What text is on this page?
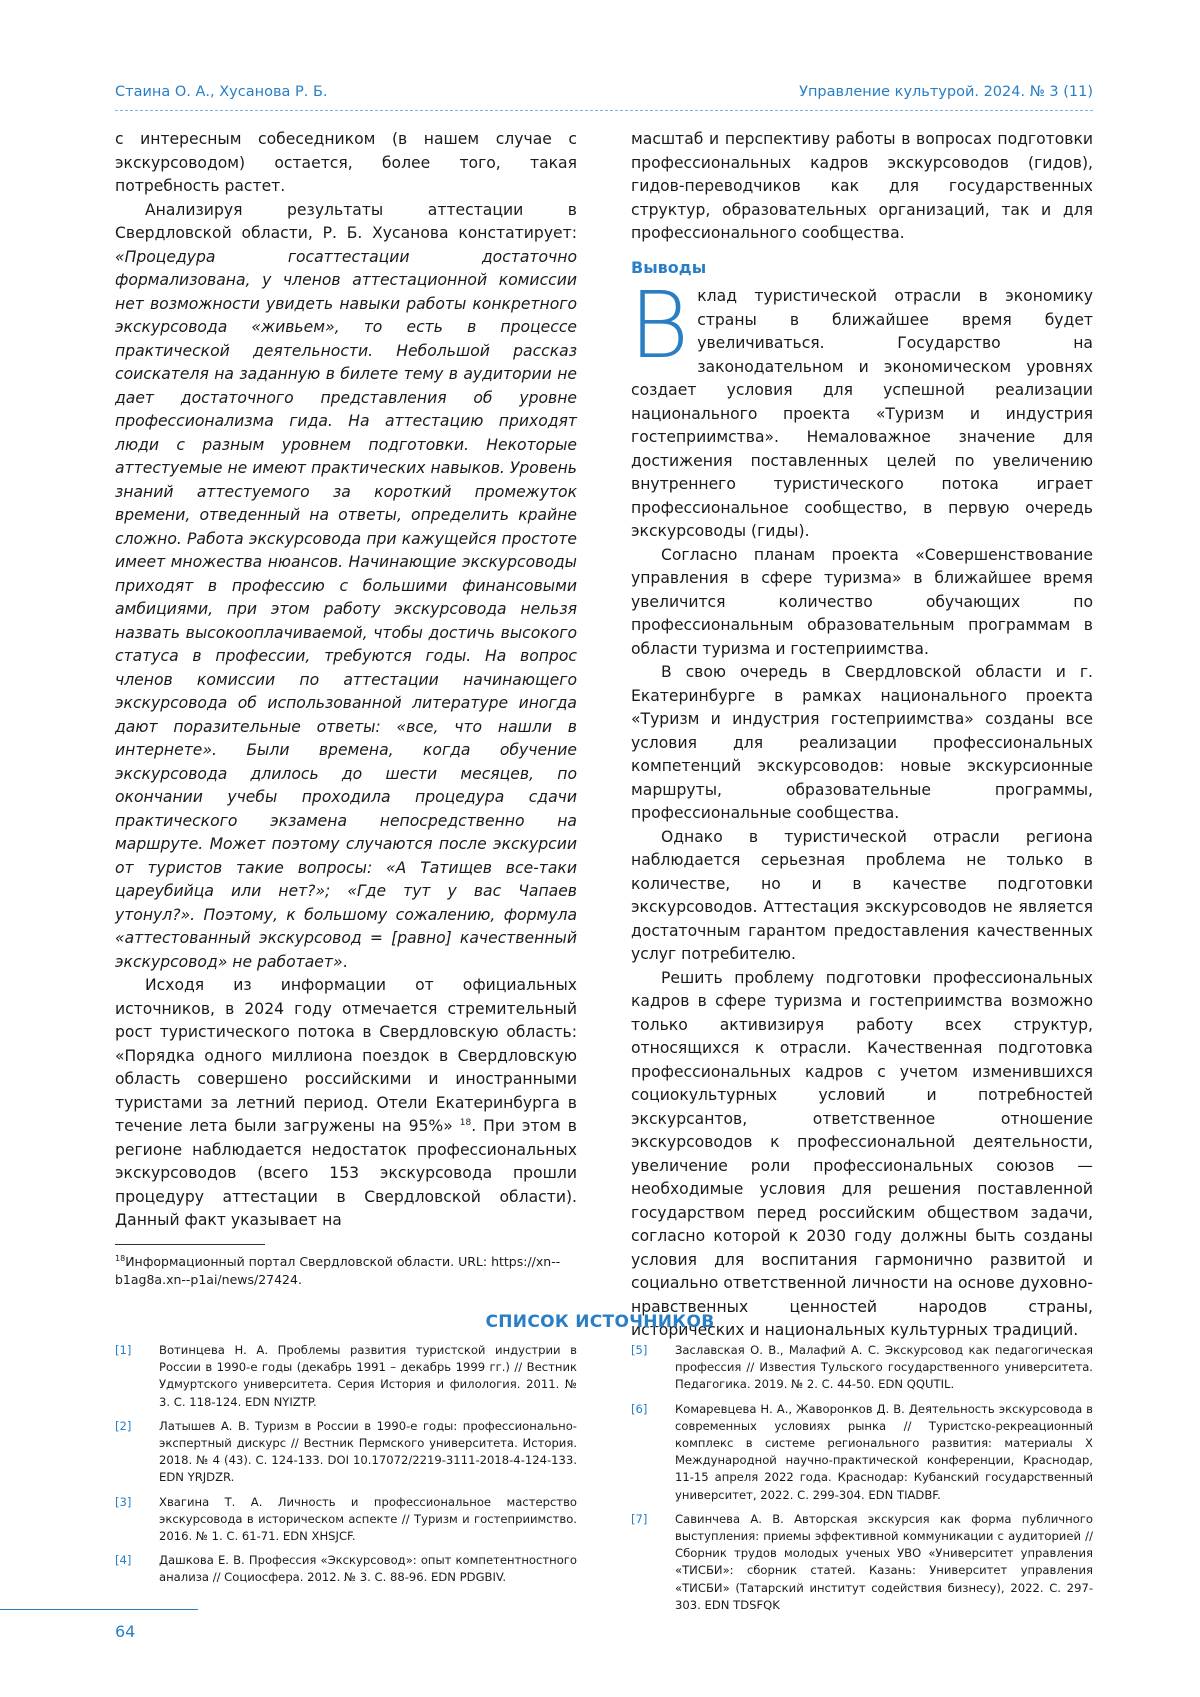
Стаина О. А., Хусанова Р. Б.	Управление культурой. 2024. № 3 (11)

с интересным собеседником (в нашем случае с экскурсоводом) остается, более того, такая потребность растет.

Анализируя результаты аттестации в Свердловской области, Р. Б. Хусанова констатирует: «Процедура госаттестации достаточно формализована, у членов аттестационной комиссии нет возможности увидеть навыки работы конкретного экскурсовода «живьем», то есть в процессе практической деятельности. Небольшой рассказ соискателя на заданную в билете тему в аудитории не дает достаточного представления об уровне профессионализма гида. На аттестацию приходят люди с разным уровнем подготовки. Некоторые аттестуемые не имеют практических навыков. Уровень знаний аттестуемого за короткий промежуток времени, отведенный на ответы, определить крайне сложно. Работа экскурсовода при кажущейся простоте имеет множества нюансов. Начинающие экскурсоводы приходят в профессию с большими финансовыми амбициями, при этом работу экскурсовода нельзя назвать высокооплачиваемой, чтобы достичь высокого статуса в профессии, требуются годы. На вопрос членов комиссии по аттестации начинающего экскурсовода об использованной литературе иногда дают поразительные ответы: «все, что нашли в интернете». Были времена, когда обучение экскурсовода длилось до шести месяцев, по окончании учебы проходила процедура сдачи практического экзамена непосредственно на маршруте. Может поэтому случаются после экскурсии от туристов такие вопросы: «А Татищев все-таки цареубийца или нет?»; «Где тут у вас Чапаев утонул?». Поэтому, к большому сожалению, формула «аттестованный экскурсовод = [равно] качественный экскурсовод» не работает».

Исходя из информации от официальных источников, в 2024 году отмечается стремительный рост туристического потока в Свердловскую область: «Порядка одного миллиона поездок в Свердловскую область совершено российскими и иностранными туристами за летний период. Отели Екатеринбурга в течение лета были загружены на 95%» $^{18}$. При этом в регионе наблюдается недостаток профессиональных экскурсоводов (всего 153 экскурсовода прошли процедуру аттестации в Свердловской области). Данный факт указывает на

$^{18}$Информационный портал Свердловской области. URL: https://xn--b1ag8a.xn--p1ai/news/27424.

масштаб и перспективу работы в вопросах подготовки профессиональных кадров экскурсоводов (гидов), гидов-переводчиков как для государственных структур, образовательных организаций, так и для профессионального сообщества.

Выводы

Вклад туристической отрасли в экономику страны в ближайшее время будет увеличиваться. Государство на законодательном и экономическом уровнях создает условия для успешной реализации национального проекта «Туризм и индустрия гостеприимства». Немаловажное значение для достижения поставленных целей по увеличению внутреннего туристического потока играет профессиональное сообщество, в первую очередь экскурсоводы (гиды).

Согласно планам проекта «Совершенствование управления в сфере туризма» в ближайшее время увеличится количество обучающих по профессиональным образовательным программам в области туризма и гостеприимства.

В свою очередь в Свердловской области и г. Екатеринбурге в рамках национального проекта «Туризм и индустрия гостеприимства» созданы все условия для реализации профессиональных компетенций экскурсоводов: новые экскурсионные маршруты, образовательные программы, профессиональные сообщества.

Однако в туристической отрасли региона наблюдается серьезная проблема не только в количестве, но и в качестве подготовки экскурсоводов. Аттестация экскурсоводов не является достаточным гарантом предоставления качественных услуг потребителю.

Решить проблему подготовки профессиональных кадров в сфере туризма и гостеприимства возможно только активизируя работу всех структур, относящихся к отрасли. Качественная подготовка профессиональных кадров с учетом изменившихся социокультурных условий и потребностей экскурсантов, ответственное отношение экскурсоводов к профессиональной деятельности, увеличение роли профессиональных союзов — необходимые условия для решения поставленной государством перед российским обществом задачи, согласно которой к 2030 году должны быть созданы условия для воспитания гармонично развитой и социально ответственной личности на основе духовно-нравственных ценностей народов страны, исторических и национальных культурных традиций.

СПИСОК ИСТОЧНИКОВ
[1] Вотинцева Н. А. Проблемы развития туристской индустрии в России в 1990-е годы (декабрь 1991 – декабрь 1999 гг.) // Вестник Удмуртского университета. Серия История и филология. 2011. № 3. С. 118-124. EDN NYIZTP.
[2] Латышев А. В. Туризм в России в 1990-е годы: профессионально-экспертный дискурс // Вестник Пермского университета. История. 2018. № 4 (43). С. 124-133. DOI 10.17072/2219-3111-2018-4-124-133. EDN YRJDZR.
[3] Хвагина Т. А. Личность и профессиональное мастерство экскурсовода в историческом аспекте // Туризм и гостеприимство. 2016. № 1. С. 61-71. EDN XHSJCF.
[4] Дашкова Е. В. Профессия «Экскурсовод»: опыт компетентностного анализа // Социосфера. 2012. № 3. С. 88-96. EDN PDGBIV.
[5] Заславская О. В., Малафий А. С. Экскурсовод как педагогическая профессия // Известия Тульского государственного университета. Педагогика. 2019. № 2. С. 44-50. EDN QQUTIL.
[6] Комаревцева Н. А., Жаворонков Д. В. Деятельность экскурсовода в современных условиях рынка // Туристско-рекреационный комплекс в системе регионального развития: материалы X Международной научно-практической конференции, Краснодар, 11-15 апреля 2022 года. Краснодар: Кубанский государственный университет, 2022. С. 299-304. EDN TIADBF.
[7] Савинчева А. В. Авторская экскурсия как форма публичного выступления: приемы эффективной коммуникации с аудиторией // Сборник трудов молодых ученых УВО «Университет управления «ТИСБИ»: сборник статей. Казань: Университет управления «ТИСБИ» (Татарский институт содействия бизнесу), 2022. С. 297-303. EDN TDSFQK
64
